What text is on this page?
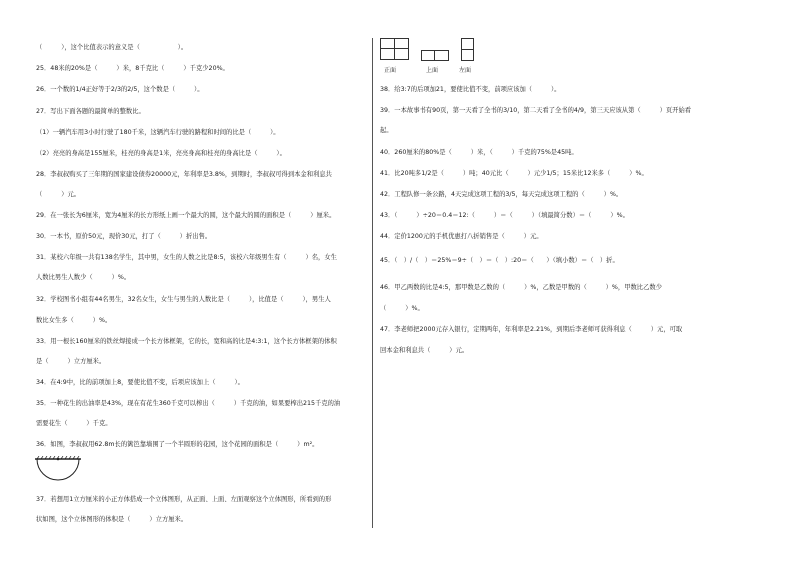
（　　　），这个比值表示的意义是（　　　　　　）。
25．48米的20%是（　　　）米，8千克比（　　　）千克少20%。
26．一个数的1/4正好等于2/3的2/5，这个数是（　　　）。
27．写出下面各题的最简单的整数比。
（1）一辆汽车用3小时行驶了180千米，这辆汽车行驶的路程和时间的比是（　　　）。
（2）亮亮的身高是155厘米，桂亮的身高是1米，亮亮身高和桂亮的身高比是（　　　）。
28．李叔叔购买了三年期的国家建设债券20000元，年利率是3.8%，到期时，李叔叔可得到本金和利息共
（　　　）元。
29．在一张长为6厘米，宽为4厘米的长方形纸上画一个最大的圆，这个最大的圆的面积是（　　　）厘米。
30．一本书，原价50元，现价30元，打了（　　　）折出售。
31．某校六年级一共有138名学生，其中男，女生的人数之比是8:5，该校六年级男生有（　　　）名，女生
人数比男生人数少（　　　）%。
32．学校图书小组有44名男生，32名女生，女生与男生的人数比是（　　　），比值是（　　　），男生人
数比女生多（　　　）%。
33．用一根长160厘米的铁丝焊接成一个长方体框架，它的长，宽和高的比是4:3:1，这个长方体框架的体积
是（　　　）立方厘米。
34．在4:9中，比的前项加上8，要使比值不变，后项应该加上（　　　）。
35．一种花生的出油率是43%，现在有花生360千克可以榨出（　　　）千克的油，如果要榨出215千克的油
需要花生（　　　）千克。
36．如图，李叔叔用62.8m长的篱笆靠墙围了一个半圆形的花园，这个花园的面积是（　　　）m²。
37．若想用1立方厘米的小正方体搭成一个立体图形，从正面、上面、左面观察这个立体图形，所看到的形
状如图，这个立体图形的体积是（　　　）立方厘米。
正面	上面	左面
38．给3:7的后项加21，要使比值不变，前项应该加（　　　）。
39．一本故事书有90页，第一天看了全书的3/10，第二天看了全书的4/9，第三天应该从第（　　　）页开始看
起。
40．260厘米的80%是（　　　）米，（　　　）千克的75%是45吨。
41．比20吨多1/2是（　　　）吨；40元比（　　　）元少1/5；15米比12米多（　　　）%。
42．工程队修一条公路，4天完成这项工程的3/5，每天完成这项工程的（　　　）%。
43．（　　　）÷20＝0.4＝12:（　　　）＝（　　　）（填最简分数）＝（　　　）%。
44．定价1200元的手机优惠打八折销售是（　　　）元。
45．（　）/（　）＝25%＝9÷（　）＝（　）:20＝（　　）（填小数）＝（　）折。
46．甲乙两数的比是4:5，那甲数是乙数的（　　　）%，乙数是甲数的（　　　）%，甲数比乙数少
（　　　）%。
47．李老师把2000元存入银行，定期两年，年利率是2.21%，到期后李老师可获得利息（　　　）元，可取
回本金和利息共（　　　）元。
